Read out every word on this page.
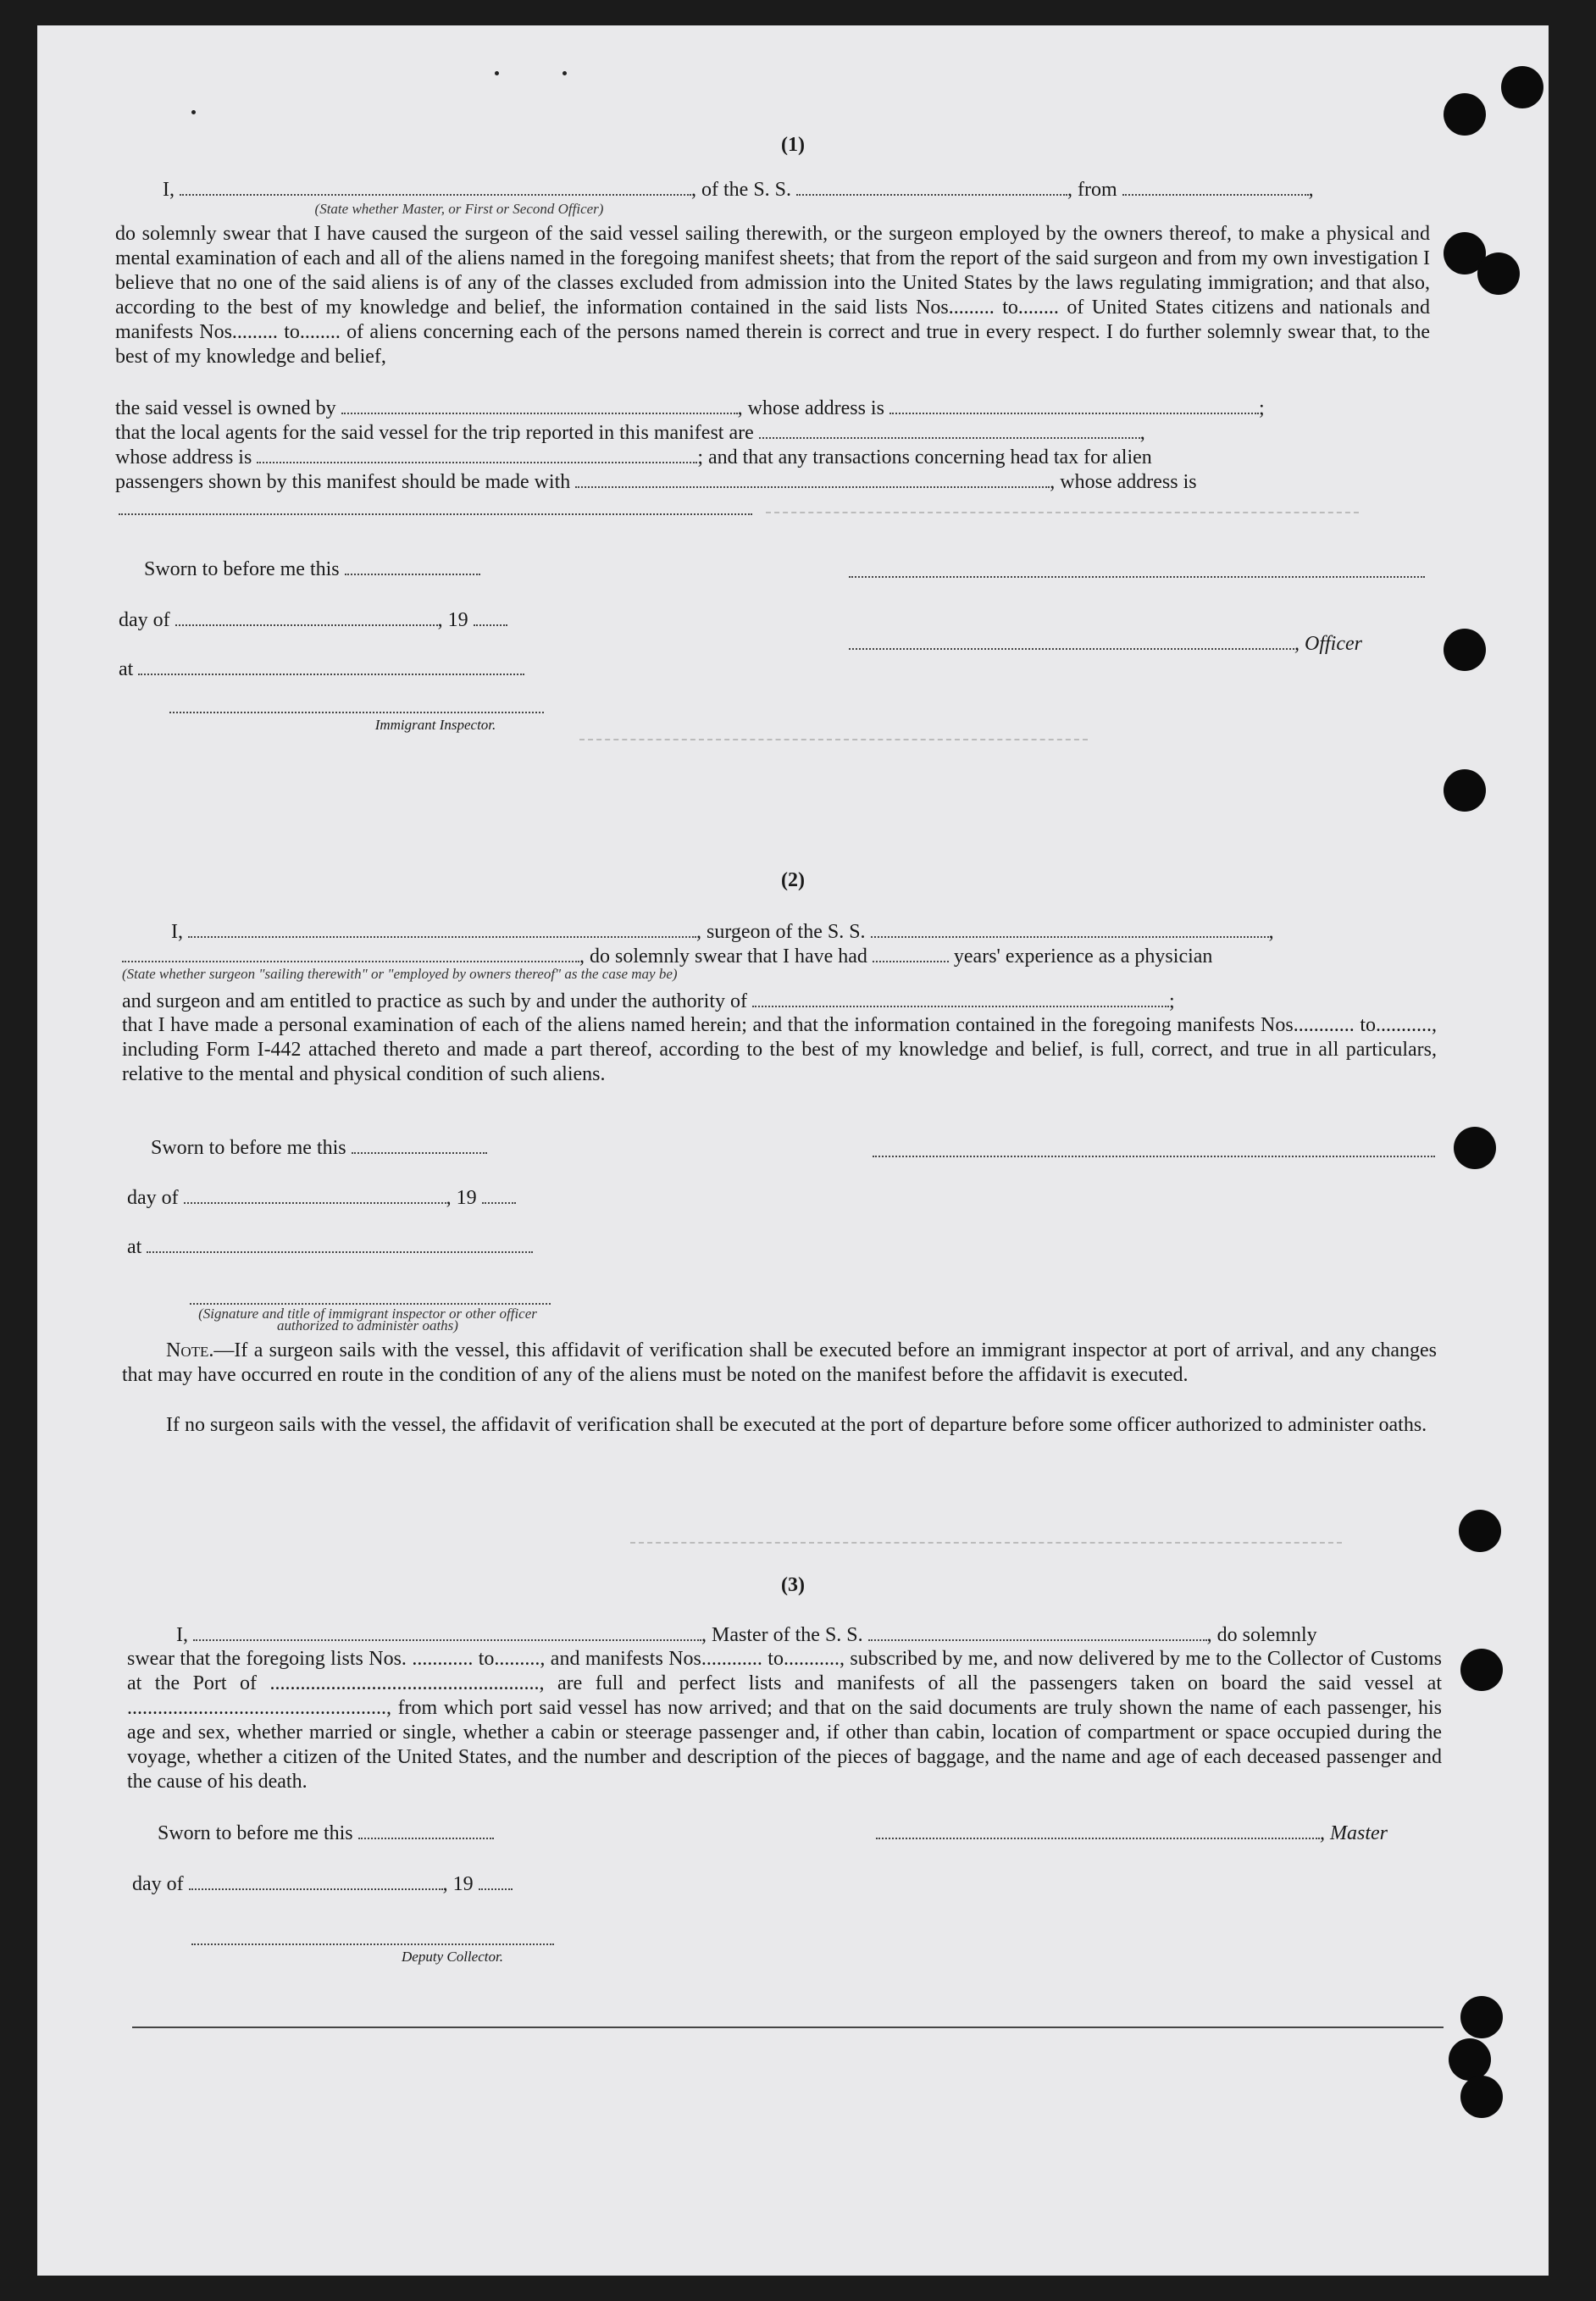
(1)
I,	, of the S. S.	, from	,
(State whether Master, or First or Second Officer)
do solemnly swear that I have caused the surgeon of the said vessel sailing therewith, or the surgeon employed by the owners thereof, to make a physical and mental examination of each and all of the aliens named in the foregoing manifest sheets; that from the report of the said surgeon and from my own investigation I believe that no one of the said aliens is of any of the classes excluded from admission into the United States by the laws regulating immigration; and that also, according to the best of my knowledge and belief, the information contained in the said lists Nos......... to........ of United States citizens and nationals and manifests Nos......... to........ of aliens concerning each of the persons named therein is correct and true in every respect. I do further solemnly swear that, to the best of my knowledge and belief,
the said vessel is owned by	, whose address is	;
that the local agents for the said vessel for the trip reported in this manifest are	,
whose address is	; and that any transactions concerning head tax for alien
passengers shown by this manifest should be made with	, whose address is
Sworn to before me this
day of	, 19
, Officer
at
Immigrant Inspector.
(2)
I,	, surgeon of the S. S.	,
, do solemnly swear that I have had	years' experience as a physician
(State whether surgeon "sailing therewith" or "employed by owners thereof" as the case may be)
and surgeon and am entitled to practice as such by and under the authority of	;
that I have made a personal examination of each of the aliens named herein; and that the information contained in the foregoing manifests Nos............ to..........., including Form I-442 attached thereto and made a part thereof, according to the best of my knowledge and belief, is full, correct, and true in all particulars, relative to the mental and physical condition of such aliens.
Sworn to before me this
day of	, 19
at
(Signature and title of immigrant inspector or other officer authorized to administer oaths)
Note.—If a surgeon sails with the vessel, this affidavit of verification shall be executed before an immigrant inspector at port of arrival, and any changes that may have occurred en route in the condition of any of the aliens must be noted on the manifest before the affidavit is executed.
If no surgeon sails with the vessel, the affidavit of verification shall be executed at the port of departure before some officer authorized to administer oaths.
(3)
I,	, Master of the S. S.	, do solemnly
swear that the foregoing lists Nos. ............ to........., and manifests Nos............ to..........., subscribed by me, and now delivered by me to the Collector of Customs at the Port of ....................................................., are full and perfect lists and manifests of all the passengers taken on board the said vessel at ..................................................., from which port said vessel has now arrived; and that on the said documents are truly shown the name of each passenger, his age and sex, whether married or single, whether a cabin or steerage passenger and, if other than cabin, location of compartment or space occupied during the voyage, whether a citizen of the United States, and the number and description of the pieces of baggage, and the name and age of each deceased passenger and the cause of his death.
Sworn to before me this	, Master
day of	, 19
Deputy Collector.
